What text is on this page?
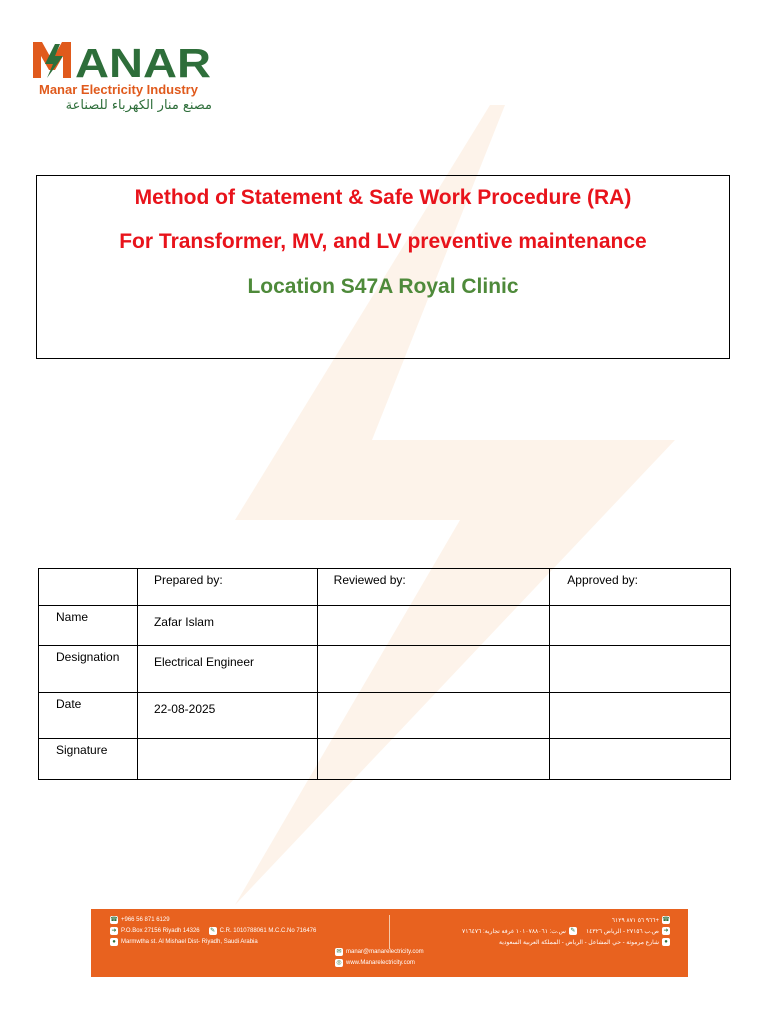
ANAR
Manar Electricity Industry
مصنع منار الكهرباء للصناعة
Method of Statement & Safe Work Procedure (RA)
For Transformer, MV, and LV preventive maintenance
Location S47A Royal Clinic
	Prepared by:	Reviewed by:	Approved by:
Name	Zafar Islam		
Designation	Electrical Engineer		
Date	22-08-2025		
Signature			
☎ +966 56 871 6129
➜ P.O.Box 27156 Riyadh 14326 ✎ C.R. 1010788061 M.C.C.No 716476
● Marmwtha st. Al Mishael Dist- Riyadh, Saudi Arabia
✉ manar@manarelectricity.com
◎ www.Manarelectricity.com
☎
+٩٦٦ ٥٦ ٨٧١ ٦١٢٩
➜
ص.ب ٢٧١٥٦ - الرياض ١٤٣٢٦
✎
س.ت: ١٠١٠٧٨٨٠٦١ غرفة تجارية: ٧١٦٤٧٦
●
شارع مرموثة - حي المشاعل - الرياض - المملكة العربية السعودية
